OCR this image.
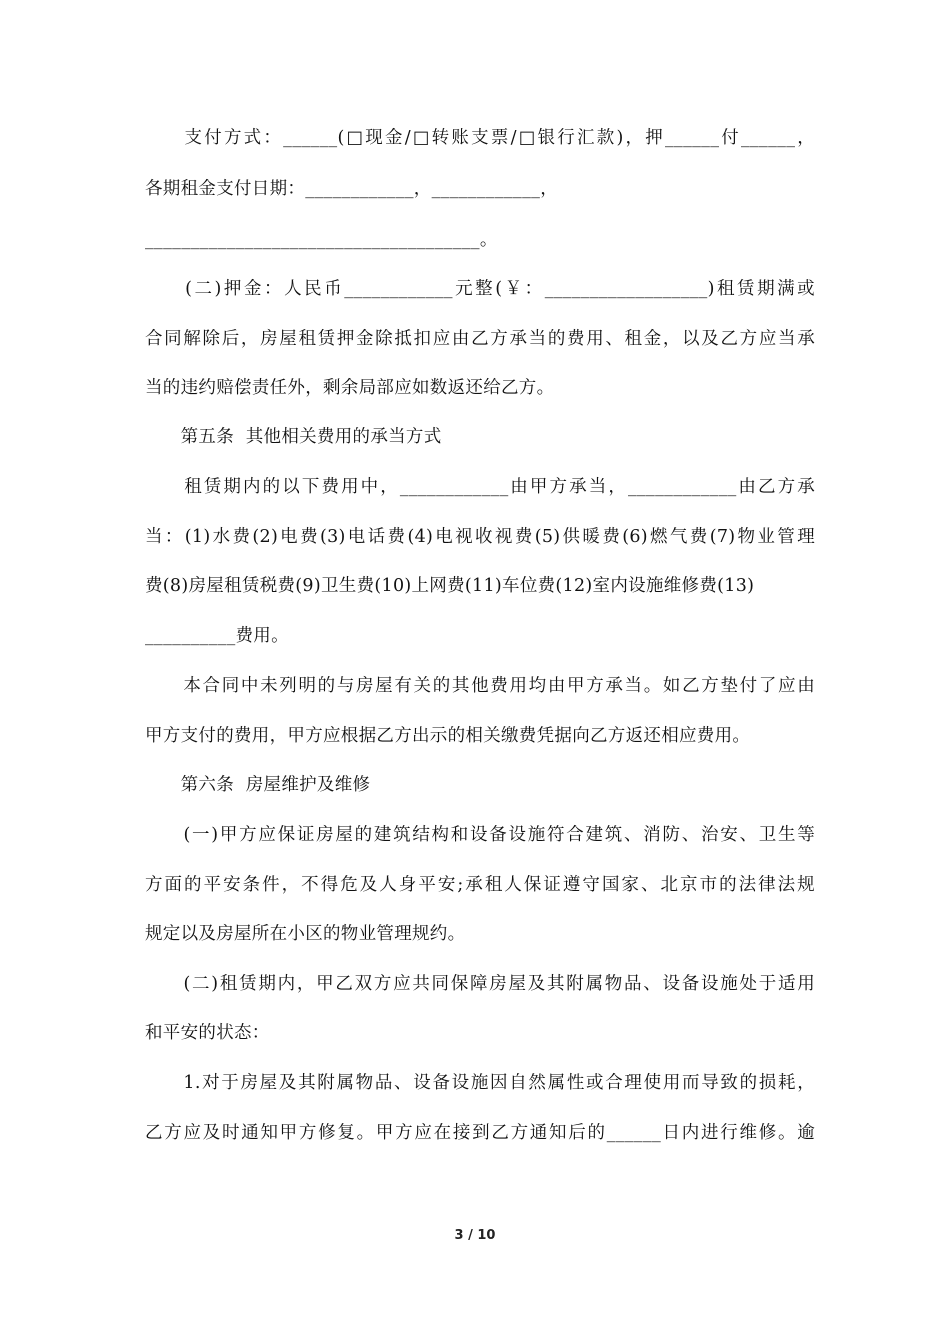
　　支付方式：______(□现金/□转账支票/□银行汇款)，押______付______，
各期租金支付日期：____________，____________，
_____________________________________。
　　(二)押金：人民币____________元整(￥：__________________)租赁期满或
合同解除后，房屋租赁押金除抵扣应由乙方承当的费用、租金，以及乙方应当承
当的违约赔偿责任外，剩余局部应如数返还给乙方。
　　第五条  其他相关费用的承当方式
　　租赁期内的以下费用中，____________由甲方承当，____________由乙方承
当：(1)水费(2)电费(3)电话费(4)电视收视费(5)供暖费(6)燃气费(7)物业管理
费(8)房屋租赁税费(9)卫生费(10)上网费(11)车位费(12)室内设施维修费(13)
__________费用。
　　本合同中未列明的与房屋有关的其他费用均由甲方承当。如乙方垫付了应由
甲方支付的费用，甲方应根据乙方出示的相关缴费凭据向乙方返还相应费用。
　　第六条  房屋维护及维修
　　(一)甲方应保证房屋的建筑结构和设备设施符合建筑、消防、治安、卫生等
方面的平安条件，不得危及人身平安;承租人保证遵守国家、北京市的法律法规
规定以及房屋所在小区的物业管理规约。
　　(二)租赁期内，甲乙双方应共同保障房屋及其附属物品、设备设施处于适用
和平安的状态：
　　1.对于房屋及其附属物品、设备设施因自然属性或合理使用而导致的损耗，
乙方应及时通知甲方修复。甲方应在接到乙方通知后的______日内进行维修。逾
3 / 10
